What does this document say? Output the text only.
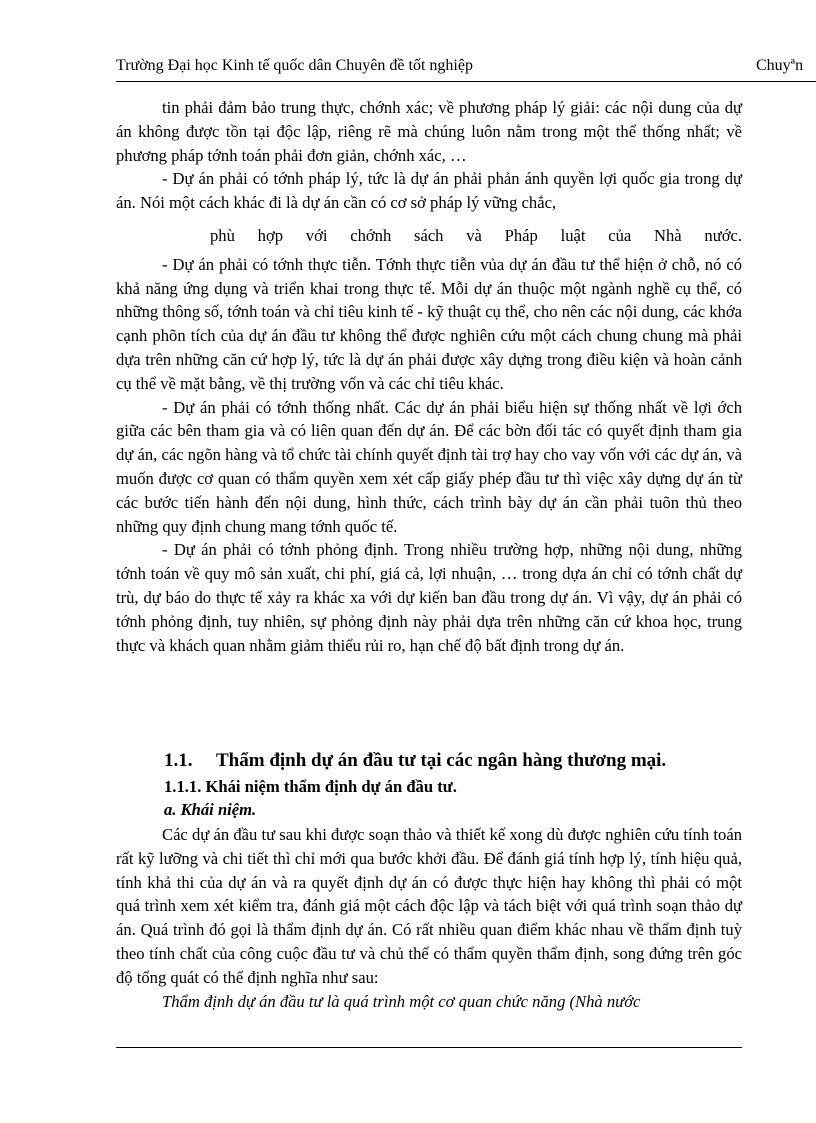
Trường Đại học Kinh tế quốc dân Chuyên đề tốt nghiệp	Chuyªn

tin phải đảm bảo trung thực, chớnh xác; về phương pháp lý giải: các nội dung của dự án không được tồn tại độc lập, riêng rẽ mà chúng luôn nằm trong một thể thống nhất; về phương pháp tớnh toán phải đơn giản, chớnh xác, …

- Dự án phải có tớnh pháp lý, tức là dự án phải phản ánh quyền lợi quốc gia trong dự án. Nói một cách khác đi là dự án cần có cơ sở pháp lý vững chắc,

phù hợp với chớnh sách và Pháp luật của Nhà nước.

- Dự án phải có tớnh thực tiễn. Tớnh thực tiễn vủa dự án đầu tư thể hiện ở chỗ, nó có khả năng ứng dụng và triển khai trong thực tế. Mỗi dự án thuộc một ngành nghề cụ thể, có những thông số, tớnh toán và chỉ tiêu kinh tế - kỹ thuật cụ thể, cho nên các nội dung, các khớa cạnh phõn tích của dự án đầu tư không thể được nghiên cứu một cách chung chung mà phải dựa trên những căn cứ hợp lý, tức là dự án phải được xây dựng trong điều kiện và hoàn cảnh cụ thể về mặt bằng, về thị trường vốn và các chỉ tiêu khác.

- Dự án phải có tớnh thống nhất. Các dự án phải biểu hiện sự thống nhất về lợi ớch giữa các bên tham gia và có liên quan đến dự án. Để các bờn đối tác có quyết định tham gia dự án, các ngõn hàng và tổ chức tài chính quyết định tài trợ hay cho vay vốn với các dự án, và muốn được cơ quan có thẩm quyền xem xét cấp giấy phép đầu tư thì việc xây dựng dự án từ các bước tiến hành đến nội dung, hình thức, cách trình bày dự án cần phải tuõn thủ theo những quy định chung mang tớnh quốc tế.

- Dự án phải có tớnh phỏng định. Trong nhiều trường hợp, những nội dung, những tớnh toán về quy mô sản xuất, chi phí, giá cả, lợi nhuận, … trong dựa án chỉ có tớnh chất dự trù, dự báo do thực tế xảy ra khác xa với dự kiến ban đầu trong dự án. Vì vậy, dự án phải có tớnh phỏng định, tuy nhiên, sự phỏng định này phải dựa trên những căn cứ khoa học, trung thực và khách quan nhằm giảm thiểu rủi ro, hạn chế độ bất định trong dự án.

1.1. Thẩm định dự án đầu tư tại các ngân hàng thương mại.
1.1.1. Khái niệm thẩm định dự án đầu tư.
a. Khái niệm.

Các dự án đầu tư sau khi được soạn thảo và thiết kế xong dù được nghiên cứu tính toán rất kỹ lưỡng và chi tiết thì chỉ mới qua bước khởi đầu. Để đánh giá tính hợp lý, tính hiệu quả, tính khả thi của dự án và ra quyết định dự án có được thực hiện hay không thì phải có một quá trình xem xét kiểm tra, đánh giá một cách độc lập và tách biệt với quá trình soạn thảo dự án. Quá trình đó gọi là thẩm định dự án. Có rất nhiều quan điểm khác nhau về thẩm định tuỳ theo tính chất của công cuộc đầu tư và chủ thể có thẩm quyền thẩm định, song đứng trên góc độ tổng quát có thể định nghĩa như sau:

Thẩm định dự án đầu tư là quá trình một cơ quan chức năng (Nhà nước
